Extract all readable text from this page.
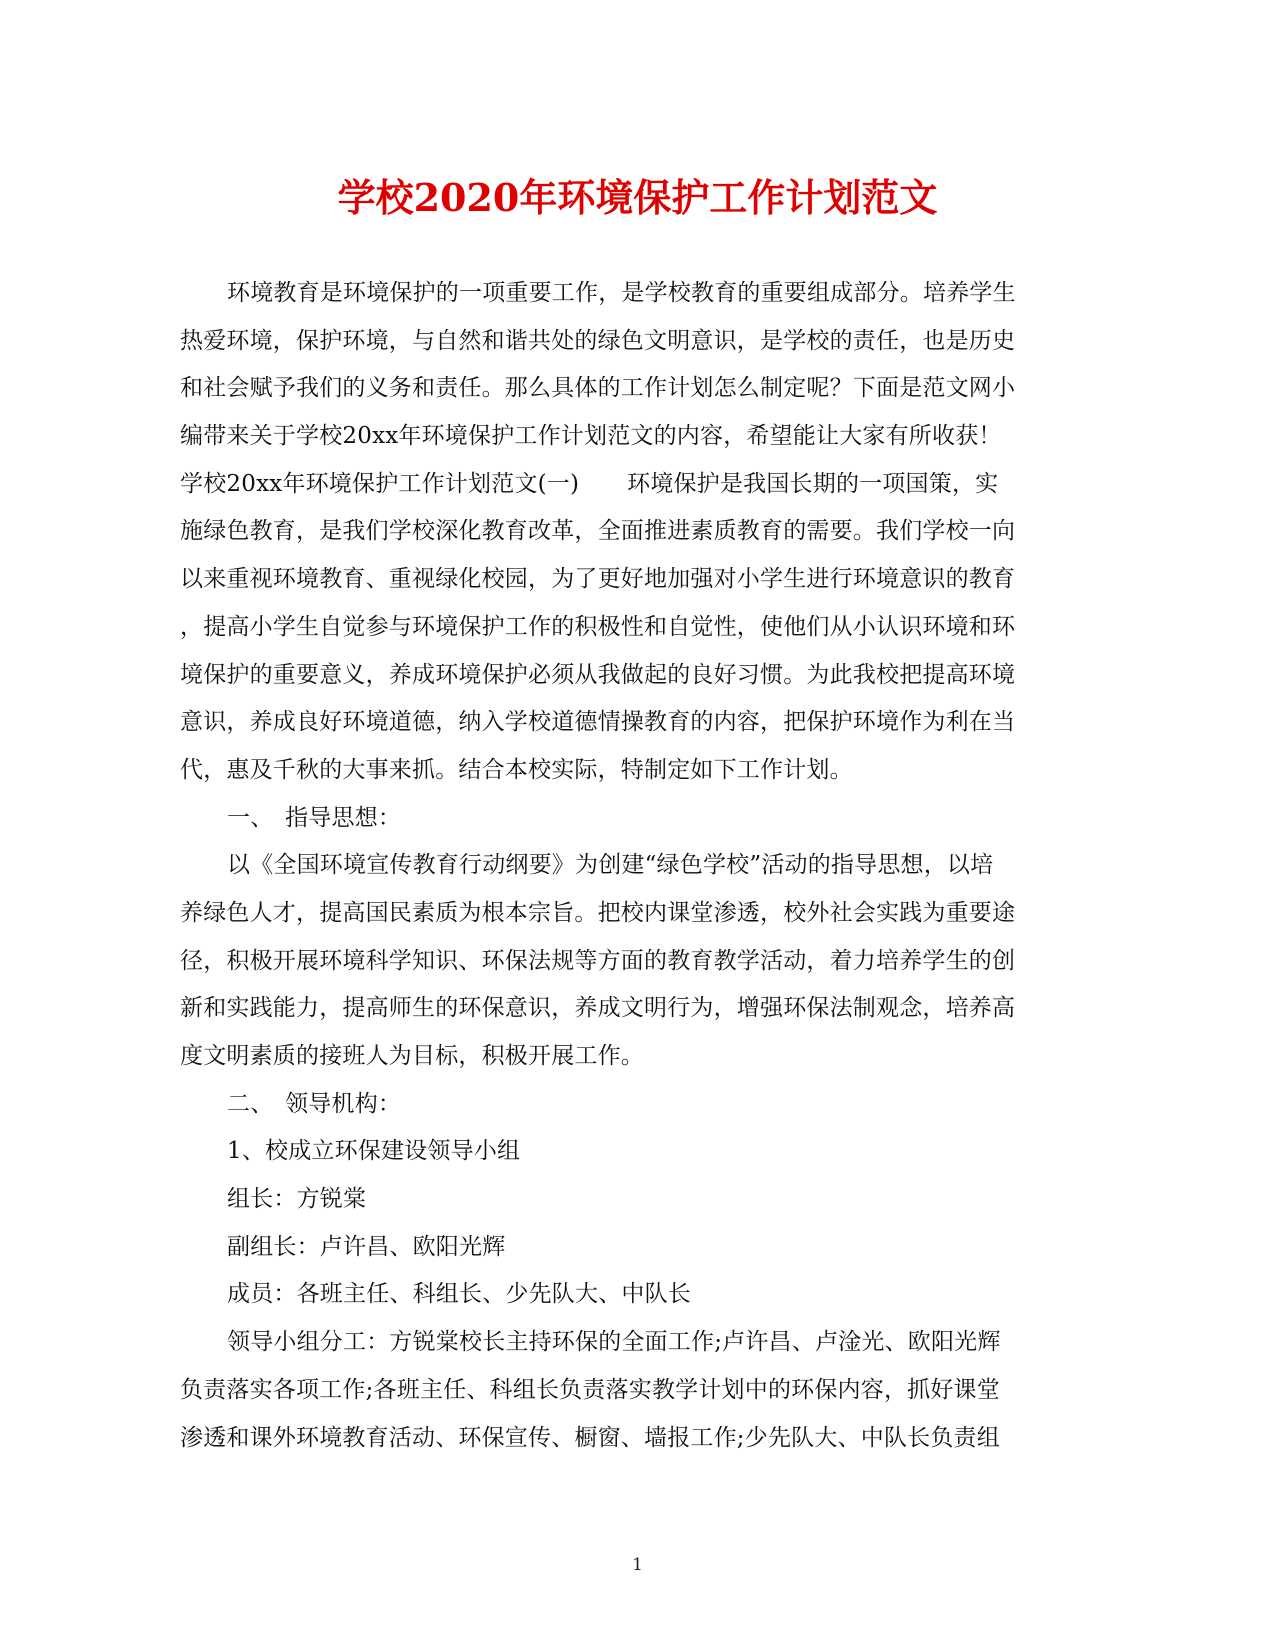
学校2020年环境保护工作计划范文
环境教育是环境保护的一项重要工作，是学校教育的重要组成部分。培养学生
热爱环境，保护环境，与自然和谐共处的绿色文明意识，是学校的责任，也是历史
和社会赋予我们的义务和责任。那么具体的工作计划怎么制定呢？下面是范文网小
编带来关于学校20xx年环境保护工作计划范文的内容，希望能让大家有所收获！
学校20xx年环境保护工作计划范文(一) 环境保护是我国长期的一项国策，实
施绿色教育，是我们学校深化教育改革，全面推进素质教育的需要。我们学校一向
以来重视环境教育、重视绿化校园，为了更好地加强对小学生进行环境意识的教育
，提高小学生自觉参与环境保护工作的积极性和自觉性，使他们从小认识环境和环
境保护的重要意义，养成环境保护必须从我做起的良好习惯。为此我校把提高环境
意识，养成良好环境道德，纳入学校道德情操教育的内容，把保护环境作为利在当
代，惠及千秋的大事来抓。结合本校实际，特制定如下工作计划。
一、　指导思想：
以《全国环境宣传教育行动纲要》为创建“绿色学校”活动的指导思想，以培
养绿色人才，提高国民素质为根本宗旨。把校内课堂渗透，校外社会实践为重要途
径，积极开展环境科学知识、环保法规等方面的教育教学活动，着力培养学生的创
新和实践能力，提高师生的环保意识，养成文明行为，增强环保法制观念，培养高
度文明素质的接班人为目标，积极开展工作。
二、　领导机构：
1、校成立环保建设领导小组
组长：方锐棠
副组长：卢许昌、欧阳光辉
成员：各班主任、科组长、少先队大、中队长
领导小组分工：方锐棠校长主持环保的全面工作;卢许昌、卢淦光、欧阳光辉
负责落实各项工作;各班主任、科组长负责落实教学计划中的环保内容，抓好课堂
渗透和课外环境教育活动、环保宣传、橱窗、墙报工作;少先队大、中队长负责组
1
